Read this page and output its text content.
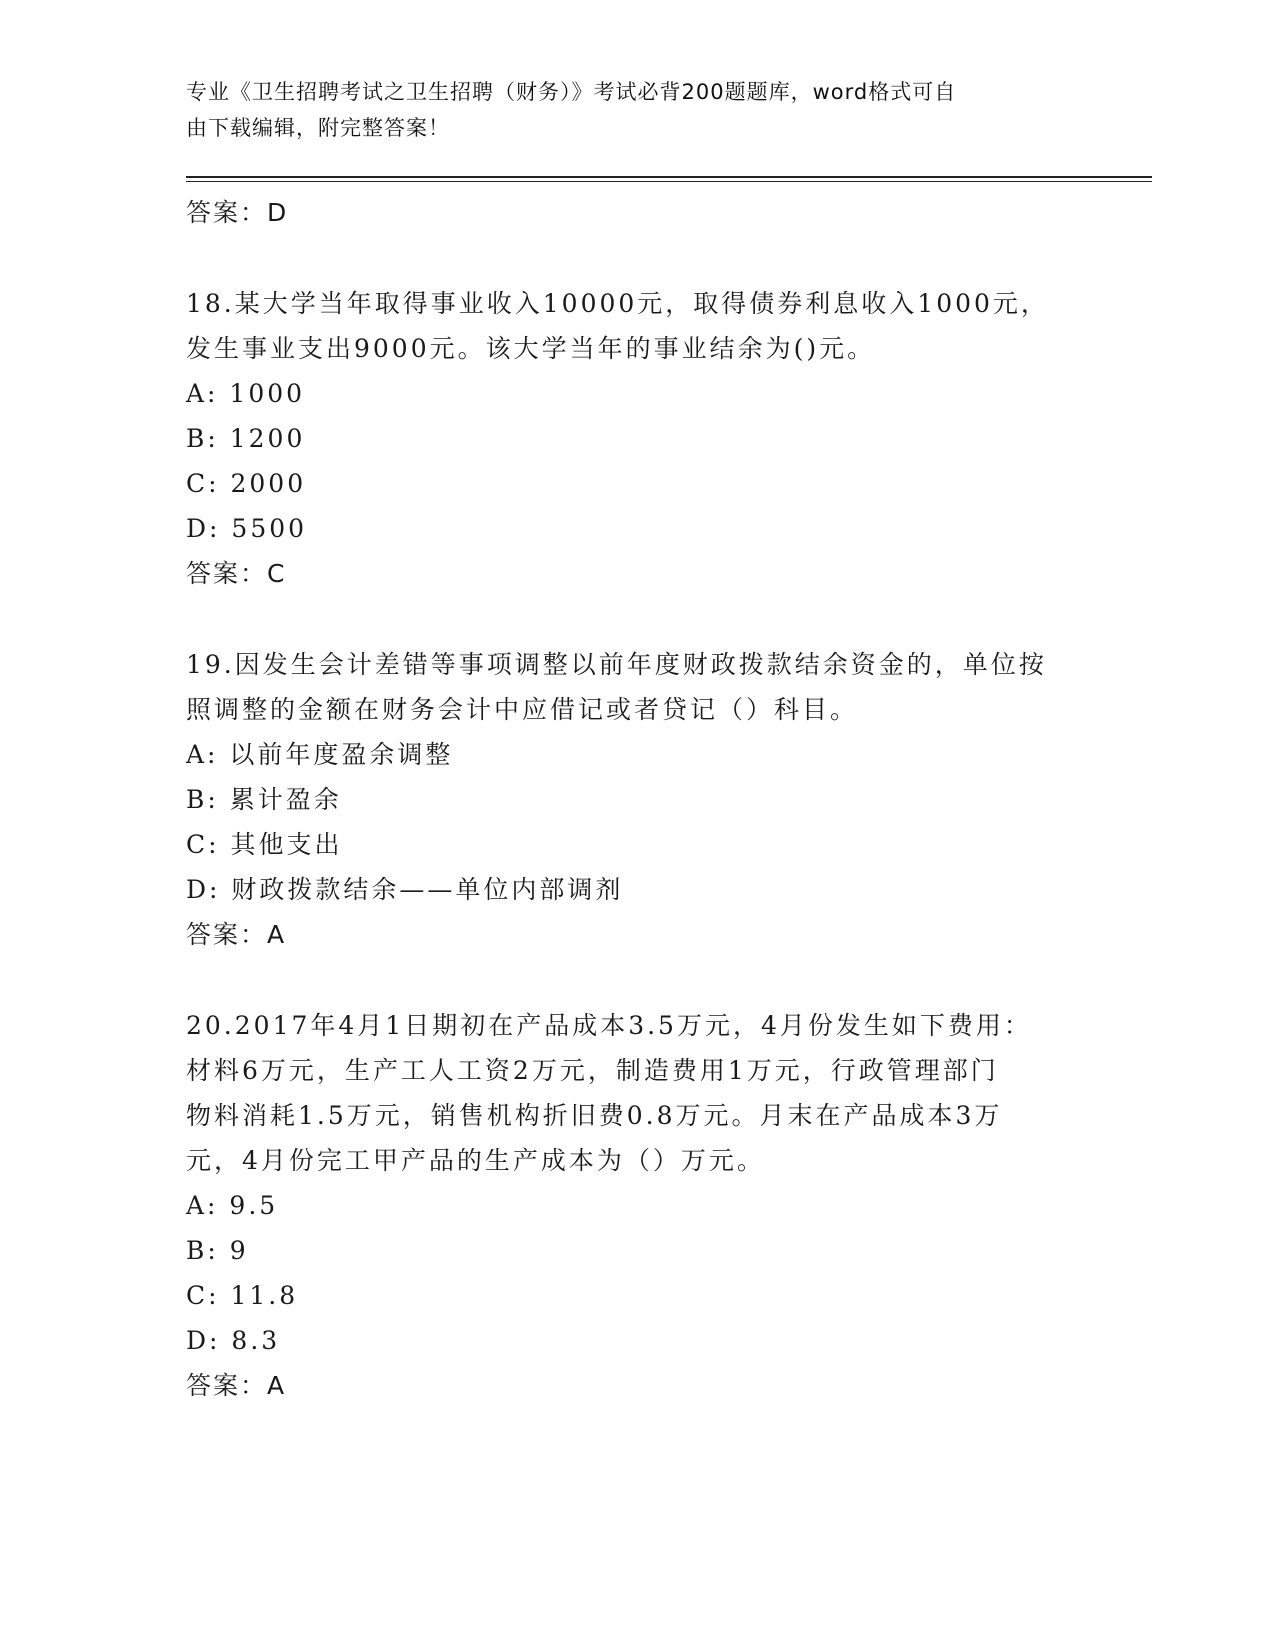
专业《卫生招聘考试之卫生招聘（财务）》考试必背200题题库，word格式可自
由下载编辑，附完整答案！
答案：D
18.某大学当年取得事业收入10000元，取得债券利息收入1000元，
发生事业支出9000元。该大学当年的事业结余为()元。
A: 1000
B: 1200
C: 2000
D: 5500
答案：C
19.因发生会计差错等事项调整以前年度财政拨款结余资金的，单位按
照调整的金额在财务会计中应借记或者贷记（）科目。
A: 以前年度盈余调整
B: 累计盈余
C: 其他支出
D: 财政拨款结余——单位内部调剂
答案：A
20.2017年4月1日期初在产品成本3.5万元，4月份发生如下费用：
材料6万元，生产工人工资2万元，制造费用1万元，行政管理部门
物料消耗1.5万元，销售机构折旧费0.8万元。月末在产品成本3万
元，4月份完工甲产品的生产成本为（）万元。
A: 9.5
B: 9
C: 11.8
D: 8.3
答案：A
